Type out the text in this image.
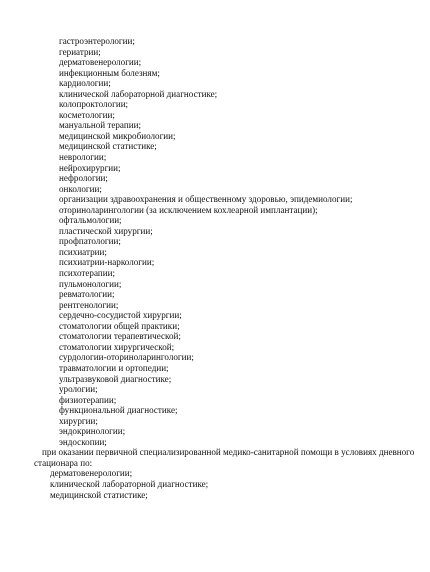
гастроэнтерологии;
гериатрии;
дерматовенерологии;
инфекционным болезням;
кардиологии;
клинической лабораторной диагностике;
колопроктологии;
косметологии;
мануальной терапии;
медицинской микробиологии;
медицинской статистике;
неврологии;
нейрохирургии;
нефрологии;
онкологии;
организации здравоохранения и общественному здоровью, эпидемиологии;
оториноларингологии (за исключением кохлеарной имплантации);
офтальмологии;
пластической хирургии;
профпатологии;
психиатрии;
психиатрии-наркологии;
психотерапии;
пульмонологии;
ревматологии;
рентгенологии;
сердечно-сосудистой хирургии;
стоматологии общей практики;
стоматологии терапевтической;
стоматологии хирургической;
сурдологии-оториноларингологии;
травматологии и ортопедии;
ультразвуковой диагностике;
урологии;
физиотерапии;
функциональной диагностике;
хирургии;
эндокринологии;
эндоскопии;
при оказании первичной специализированной медико-санитарной помощи в условиях дневного
стационара по:
дерматовенерологии;
клинической лабораторной диагностике;
медицинской статистике;
